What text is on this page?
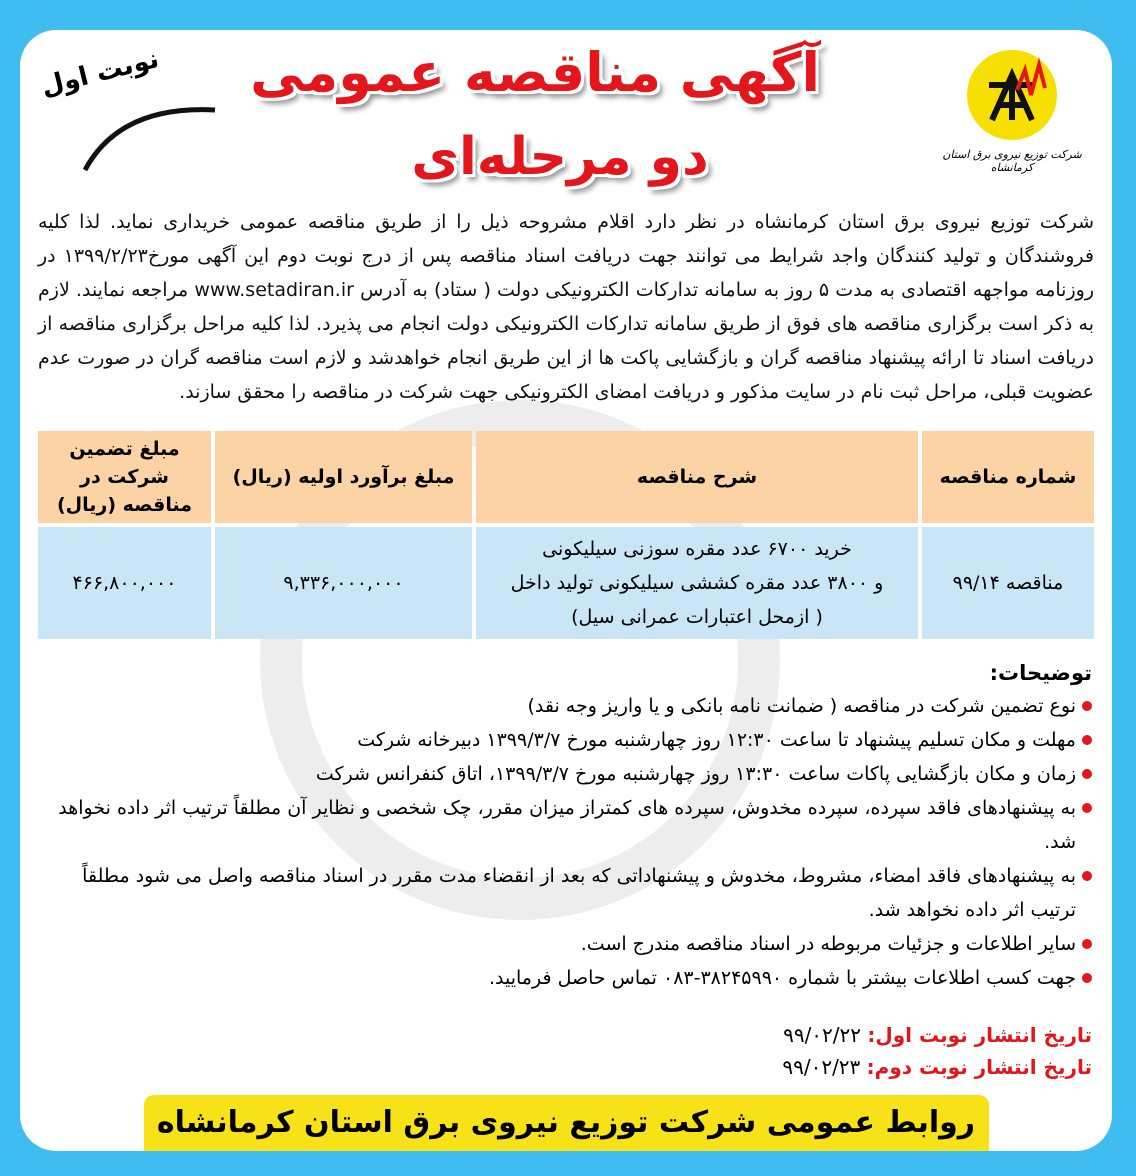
شرکت توزیع نیروی برق استان کرمانشاه
آگهی مناقصه عمومی
دو مرحله‌ای
نوبت اول
شرکت توزیع نیروی برق استان کرمانشاه در نظر دارد اقلام مشروحه ذیل را از طریق مناقصه عمومی خریداری نماید. لذا کلیه فروشندگان و تولید کنندگان واجد شرایط می توانند جهت دریافت اسناد مناقصه پس از درج نوبت دوم این آگهی مورخ۱۳۹۹/۲/۲۳ در روزنامه مواجهه اقتصادی به مدت ۵ روز به سامانه تدارکات الکترونیکی دولت ( ستاد) به آدرس www.setadiran.ir مراجعه نمایند. لازم به ذکر است برگزاری مناقصه های فوق از طریق سامانه تدارکات الکترونیکی دولت انجام می پذیرد. لذا کلیه مراحل برگزاری مناقصه از دریافت اسناد تا ارائه پیشنهاد مناقصه گران و بازگشایی پاکت ها از این طریق انجام خواهدشد و لازم است مناقصه گران در صورت عدم عضویت قبلی، مراحل ثبت نام در سایت مذکور و دریافت امضای الکترونیکی جهت شرکت در مناقصه را محقق سازند.
شماره مناقصه	شرح مناقصه	مبلغ برآورد اولیه (ریال)	مبلغ تضمین شرکت در مناقصه (ریال)
مناقصه ۹۹/۱۴	خرید ۶۷۰۰ عدد مقره سوزنی سیلیکونی
و ۳۸۰۰ عدد مقره کششی سیلیکونی تولید داخل
( ازمحل اعتبارات عمرانی سیل)	۹,۳۳۶,۰۰۰,۰۰۰	۴۶۶,۸۰۰,۰۰۰
توضیحات:
نوع تضمین شرکت در مناقصه ( ضمانت نامه بانکی و یا واریز وجه نقد)
مهلت و مکان تسلیم پیشنهاد تا ساعت ۱۲:۳۰ روز چهارشنبه مورخ ۱۳۹۹/۳/۷ دبیرخانه شرکت
زمان و مکان بازگشایی پاکات ساعت ۱۳:۳۰ روز چهارشنبه مورخ ۱۳۹۹/۳/۷، اتاق کنفرانس شرکت
به پیشنهادهای فاقد سپرده، سپرده مخدوش، سپرده های کمتراز میزان مقرر، چک شخصی و نظایر آن مطلقاً ترتیب اثر داده نخواهد شد.
به پیشنهادهای فاقد امضاء، مشروط، مخدوش و پیشنهاداتی که بعد از انقضاء مدت مقرر در اسناد مناقصه واصل می شود مطلقاً ترتیب اثر داده نخواهد شد.
سایر اطلاعات و جزئیات مربوطه در اسناد مناقصه مندرج است.
جهت کسب اطلاعات بیشتر با شماره ۳۸۲۴۵۹۹۰-۰۸۳ تماس حاصل فرمایید.
تاریخ انتشار نوبت اول: ۹۹/۰۲/۲۲
تاریخ انتشار نوبت دوم: ۹۹/۰۲/۲۳
روابط عمومی شرکت توزیع نیروی برق استان کرمانشاه
